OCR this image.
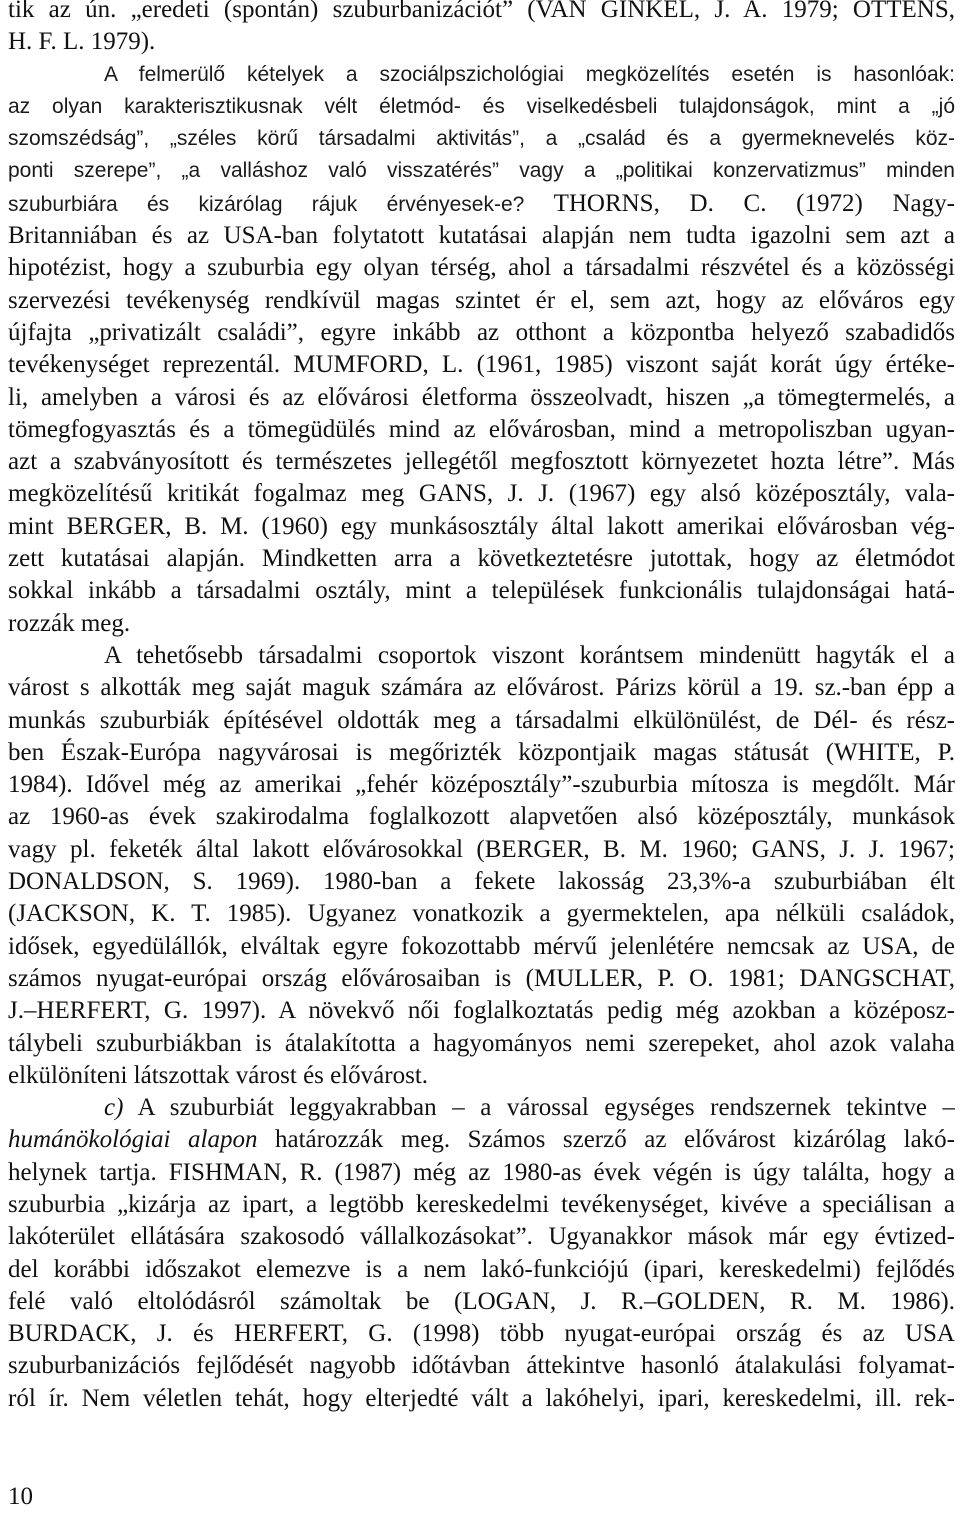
tik az ún. „eredeti (spontán) szuburbanizációt” (VAN GINKEL, J. A. 1979; OTTENS,
H. F. L. 1979).
A felmerülő kételyek a szociálpszichológiai megközelítés esetén is hasonlóak:
az olyan karakterisztikusnak vélt életmód- és viselkedésbeli tulajdonságok, mint a „jó
szomszédság”, „széles körű társadalmi aktivitás”, a „család és a gyermeknevelés köz-
ponti szerepe”, „a valláshoz való visszatérés” vagy a „politikai konzervatizmus” minden
szuburbiára és kizárólag rájuk érvényesek-e? THORNS, D. C. (1972) Nagy-
Britanniában és az USA-ban folytatott kutatásai alapján nem tudta igazolni sem azt a
hipotézist, hogy a szuburbia egy olyan térség, ahol a társadalmi részvétel és a közösségi
szervezési tevékenység rendkívül magas szintet ér el, sem azt, hogy az előváros egy
újfajta „privatizált családi”, egyre inkább az otthont a központba helyező szabadidős
tevékenységet reprezentál. MUMFORD, L. (1961, 1985) viszont saját korát úgy értéke-
li, amelyben a városi és az elővárosi életforma összeolvadt, hiszen „a tömegtermelés, a
tömegfogyasztás és a tömegüdülés mind az elővárosban, mind a metropoliszban ugyan-
azt a szabványosított és természetes jellegétől megfosztott környezetet hozta létre”. Más
megközelítésű kritikát fogalmaz meg GANS, J. J. (1967) egy alsó középosztály, vala-
mint BERGER, B. M. (1960) egy munkásosztály által lakott amerikai elővárosban vég-
zett kutatásai alapján. Mindketten arra a következtetésre jutottak, hogy az életmódot
sokkal inkább a társadalmi osztály, mint a települések funkcionális tulajdonságai hatá-
rozzák meg.
A tehetősebb társadalmi csoportok viszont korántsem mindenütt hagyták el a
várost s alkották meg saját maguk számára az elővárost. Párizs körül a 19. sz.-ban épp a
munkás szuburbiák építésével oldották meg a társadalmi elkülönülést, de Dél- és rész-
ben Észak-Európa nagyvárosai is megőrizték központjaik magas státusát (WHITE, P.
1984). Idővel még az amerikai „fehér középosztály”-szuburbia mítosza is megdőlt. Már
az 1960-as évek szakirodalma foglalkozott alapvetően alsó középosztály, munkások
vagy pl. feketék által lakott elővárosokkal (BERGER, B. M. 1960; GANS, J. J. 1967;
DONALDSON, S. 1969). 1980-ban a fekete lakosság 23,3%-a szuburbiában élt
(JACKSON, K. T. 1985). Ugyanez vonatkozik a gyermektelen, apa nélküli családok,
idősek, egyedülállók, elváltak egyre fokozottabb mérvű jelenlétére nemcsak az USA, de
számos nyugat-európai ország elővárosaiban is (MULLER, P. O. 1981; DANGSCHAT,
J.–HERFERT, G. 1997). A növekvő női foglalkoztatás pedig még azokban a középosz-
tálybeli szuburbiákban is átalakította a hagyományos nemi szerepeket, ahol azok valaha
elkülöníteni látszottak várost és elővárost.
c) A szuburbiát leggyakrabban – a várossal egységes rendszernek tekintve –
humánökológiai alapon határozzák meg. Számos szerző az elővárost kizárólag lakó-
helynek tartja. FISHMAN, R. (1987) még az 1980-as évek végén is úgy találta, hogy a
szuburbia „kizárja az ipart, a legtöbb kereskedelmi tevékenységet, kivéve a speciálisan a
lakóterület ellátására szakosodó vállalkozásokat”. Ugyanakkor mások már egy évtized-
del korábbi időszakot elemezve is a nem lakó-funkciójú (ipari, kereskedelmi) fejlődés
felé való eltolódásról számoltak be (LOGAN, J. R.–GOLDEN, R. M. 1986).
BURDACK, J. és HERFERT, G. (1998) több nyugat-európai ország és az USA
szuburbanizációs fejlődését nagyobb időtávban áttekintve hasonló átalakulási folyamat-
ról ír. Nem véletlen tehát, hogy elterjedté vált a lakóhelyi, ipari, kereskedelmi, ill. rek-
10
